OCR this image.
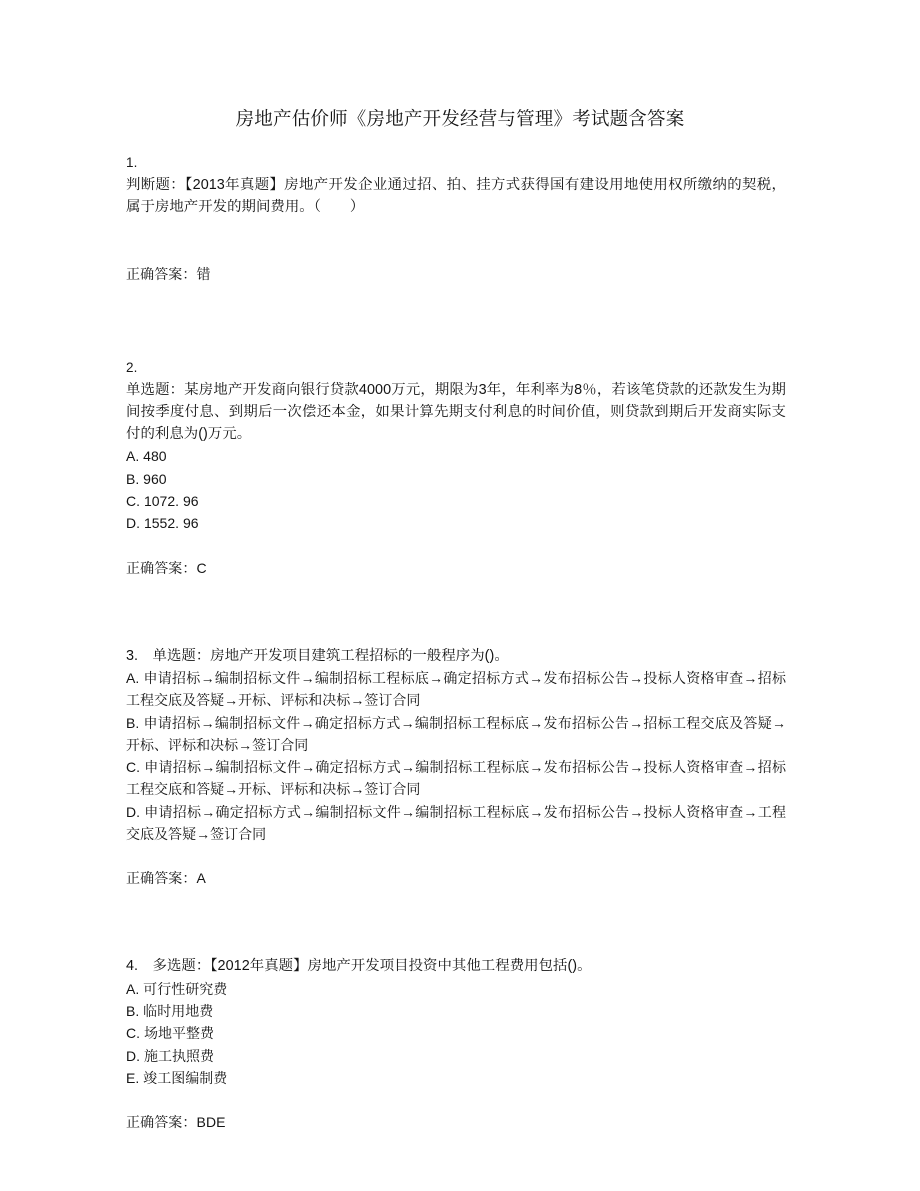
房地产估价师《房地产开发经营与管理》考试题含答案
1.
判断题：【2013年真题】房地产开发企业通过招、拍、挂方式获得国有建设用地使用权所缴纳的契税，属于房地产开发的期间费用。（　　）
正确答案：错
2.
单选题：某房地产开发商向银行贷款4000万元，期限为3年，年利率为8％，若该笔贷款的还款发生为期间按季度付息、到期后一次偿还本金，如果计算先期支付利息的时间价值，则贷款到期后开发商实际支付的利息为()万元。
A. 480
B. 960
C. 1072. 96
D. 1552. 96
正确答案：C
3.　单选题：房地产开发项目建筑工程招标的一般程序为()。
A. 申请招标→编制招标文件→编制招标工程标底→确定招标方式→发布招标公告→投标人资格审查→招标工程交底及答疑→开标、评标和决标→签订合同
B. 申请招标→编制招标文件→确定招标方式→编制招标工程标底→发布招标公告→招标工程交底及答疑→开标、评标和决标→签订合同
C. 申请招标→编制招标文件→确定招标方式→编制招标工程标底→发布招标公告→投标人资格审查→招标工程交底和答疑→开标、评标和决标→签订合同
D. 申请招标→确定招标方式→编制招标文件→编制招标工程标底→发布招标公告→投标人资格审查→工程交底及答疑→签订合同
正确答案：A
4.　多选题：【2012年真题】房地产开发项目投资中其他工程费用包括()。
A. 可行性研究费
B. 临时用地费
C. 场地平整费
D. 施工执照费
E. 竣工图编制费
正确答案：BDE
